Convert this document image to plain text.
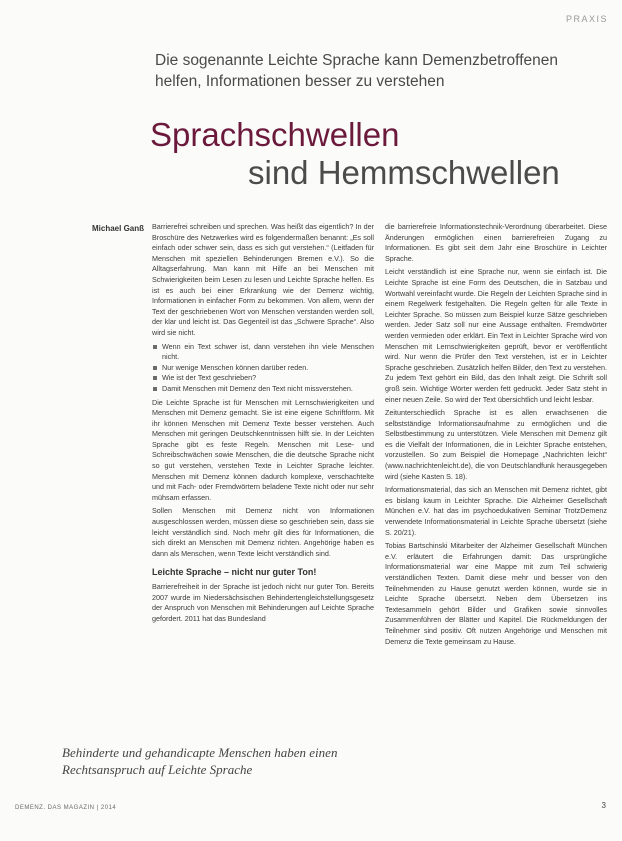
PRAXIS
Die sogenannte Leichte Sprache kann Demenzbetroffenen helfen, Informationen besser zu verstehen
Sprachschwellen
sind Hemmschwellen
Michael Ganß Barrierefrei schreiben und sprechen. Was heißt das eigentlich? In der Broschüre des Netzwerkes wird es folgendermaßen benannt: „Es soll einfach oder schwer sein, dass es sich gut verstehen.“ (Leitfaden für Menschen mit speziellen Behinderungen Bremen e.V.). So die Alltagserfahrung. Man kann mit Hilfe an bei Menschen mit Schwierigkeiten beim Lesen zu lesen und Leichte Sprache helfen. Es ist es auch bei einer Erkrankung wie der Demenz wichtig, Informationen in einfacher Form zu bekommen. Von allem, wenn der Text der geschriebenen Wort von Menschen verstanden werden soll, der klar und leicht ist. Das Gegenteil ist das „Schwere Sprache“. Also wird sie nicht.

Wenn ein Text schwer ist, dann verstehen ihn viele Menschen nicht.
Nur wenige Menschen können darüber reden.
Wie ist der Text geschrieben?
Damit Menschen mit Demenz den Text nicht missverstehen.

Die Leichte Sprache ist für Menschen mit Lernschwierigkeiten und Menschen mit Demenz gemacht. Sie ist eine eigene Schriftform. Mit ihr können Menschen mit Demenz Texte besser verstehen. Auch Menschen mit geringen Deutschkenntnissen hilft sie. In der Leichten Sprache gibt es feste Regeln. Menschen mit Lese- und Schreibschwächen sowie Menschen, die die deutsche Sprache nicht so gut verstehen, verstehen Texte in Leichter Sprache leichter. Menschen mit Demenz können dadurch komplexe, verschachtelte und mit Fach- oder Fremdwörtern beladene Texte nicht oder nur sehr mühsam erfassen.

Sollen Menschen mit Demenz nicht von Informationen ausgeschlossen werden, müssen diese so geschrieben sein, dass sie leicht verständlich sind. Noch mehr gilt dies für Informationen, die sich direkt an Menschen mit Demenz richten. Angehörige haben es dann als Menschen, wenn Texte leicht verständlich sind.

Leichte Sprache – nicht nur guter Ton!

Barrierefreiheit in der Sprache ist jedoch nicht nur guter Ton. Bereits 2007 wurde im Niedersächsischen Behindertengleichstellungsgesetz der Anspruch von Menschen mit Behinderungen auf Leichte Sprache gefordert. 2011 hat das Bundesland

die barrierefreie Informationstechnik-Verordnung überarbeitet. Diese Änderungen ermöglichen einen barrierefreien Zugang zu Informationen. Es gibt seit dem Jahr eine Broschüre in Leichter Sprache.

Leicht verständlich ist eine Sprache nur, wenn sie einfach ist. Die Leichte Sprache ist eine Form des Deutschen, die in Satzbau und Wortwahl vereinfacht wurde. Die Regeln der Leichten Sprache sind in einem Regelwerk festgehalten. Die Regeln gelten für alle Texte in Leichter Sprache. So müssen zum Beispiel kurze Sätze geschrieben werden. Jeder Satz soll nur eine Aussage enthalten. Fremdwörter werden vermieden oder erklärt. Ein Text in Leichter Sprache wird von Menschen mit Lernschwierigkeiten geprüft, bevor er veröffentlicht wird. Nur wenn die Prüfer den Text verstehen, ist er in Leichter Sprache geschrieben. Zusätzlich helfen Bilder, den Text zu verstehen. Zu jedem Text gehört ein Bild, das den Inhalt zeigt. Die Schrift soll groß sein. Wichtige Wörter werden fett gedruckt. Jeder Satz steht in einer neuen Zeile. So wird der Text übersichtlich und leicht lesbar.

Zeitunterschiedlich Sprache ist es allen erwachsenen die selbstständige Informationsaufnahme zu ermöglichen und die Selbstbestimmung zu unterstützen. Viele Menschen mit Demenz gilt es die Vielfalt der Informationen, die in Leichter Sprache entstehen, vorzustellen. So zum Beispiel die Homepage „Nachrichten leicht“ (www.nachrichtenleicht.de), die von Deutschlandfunk herausgegeben wird (siehe Kasten S. 18).

Informationsmaterial, das sich an Menschen mit Demenz richtet, gibt es bislang kaum in Leichter Sprache. Die Alzheimer Gesellschaft München e.V. hat das im psychoedukativen Seminar TrotzDemenz verwendete Informationsmaterial in Leichte Sprache übersetzt (siehe S. 20/21).

Tobias Bartschinski Mitarbeiter der Alzheimer Gesellschaft München e.V. erläutert die Erfahrungen damit: Das ursprüngliche Informationsmaterial war eine Mappe mit zum Teil schwierig verständlichen Texten. Damit diese mehr und besser von den Teilnehmenden zu Hause genutzt werden können, wurde sie in Leichte Sprache übersetzt. Neben dem Übersetzen ins Textesammeln gehört Bilder und Grafiken sowie sinnvolles Zusammenführen der Blätter und Kapitel. Die Rückmeldungen der Teilnehmer sind positiv. Oft nutzen Angehörige und Menschen mit Demenz die Texte gemeinsam zu Hause.

Behinderte und gehandicapte Menschen haben einen Rechtsanspruch auf Leichte Sprache
DEMENZ. DAS MAGAZIN | 2014	3
